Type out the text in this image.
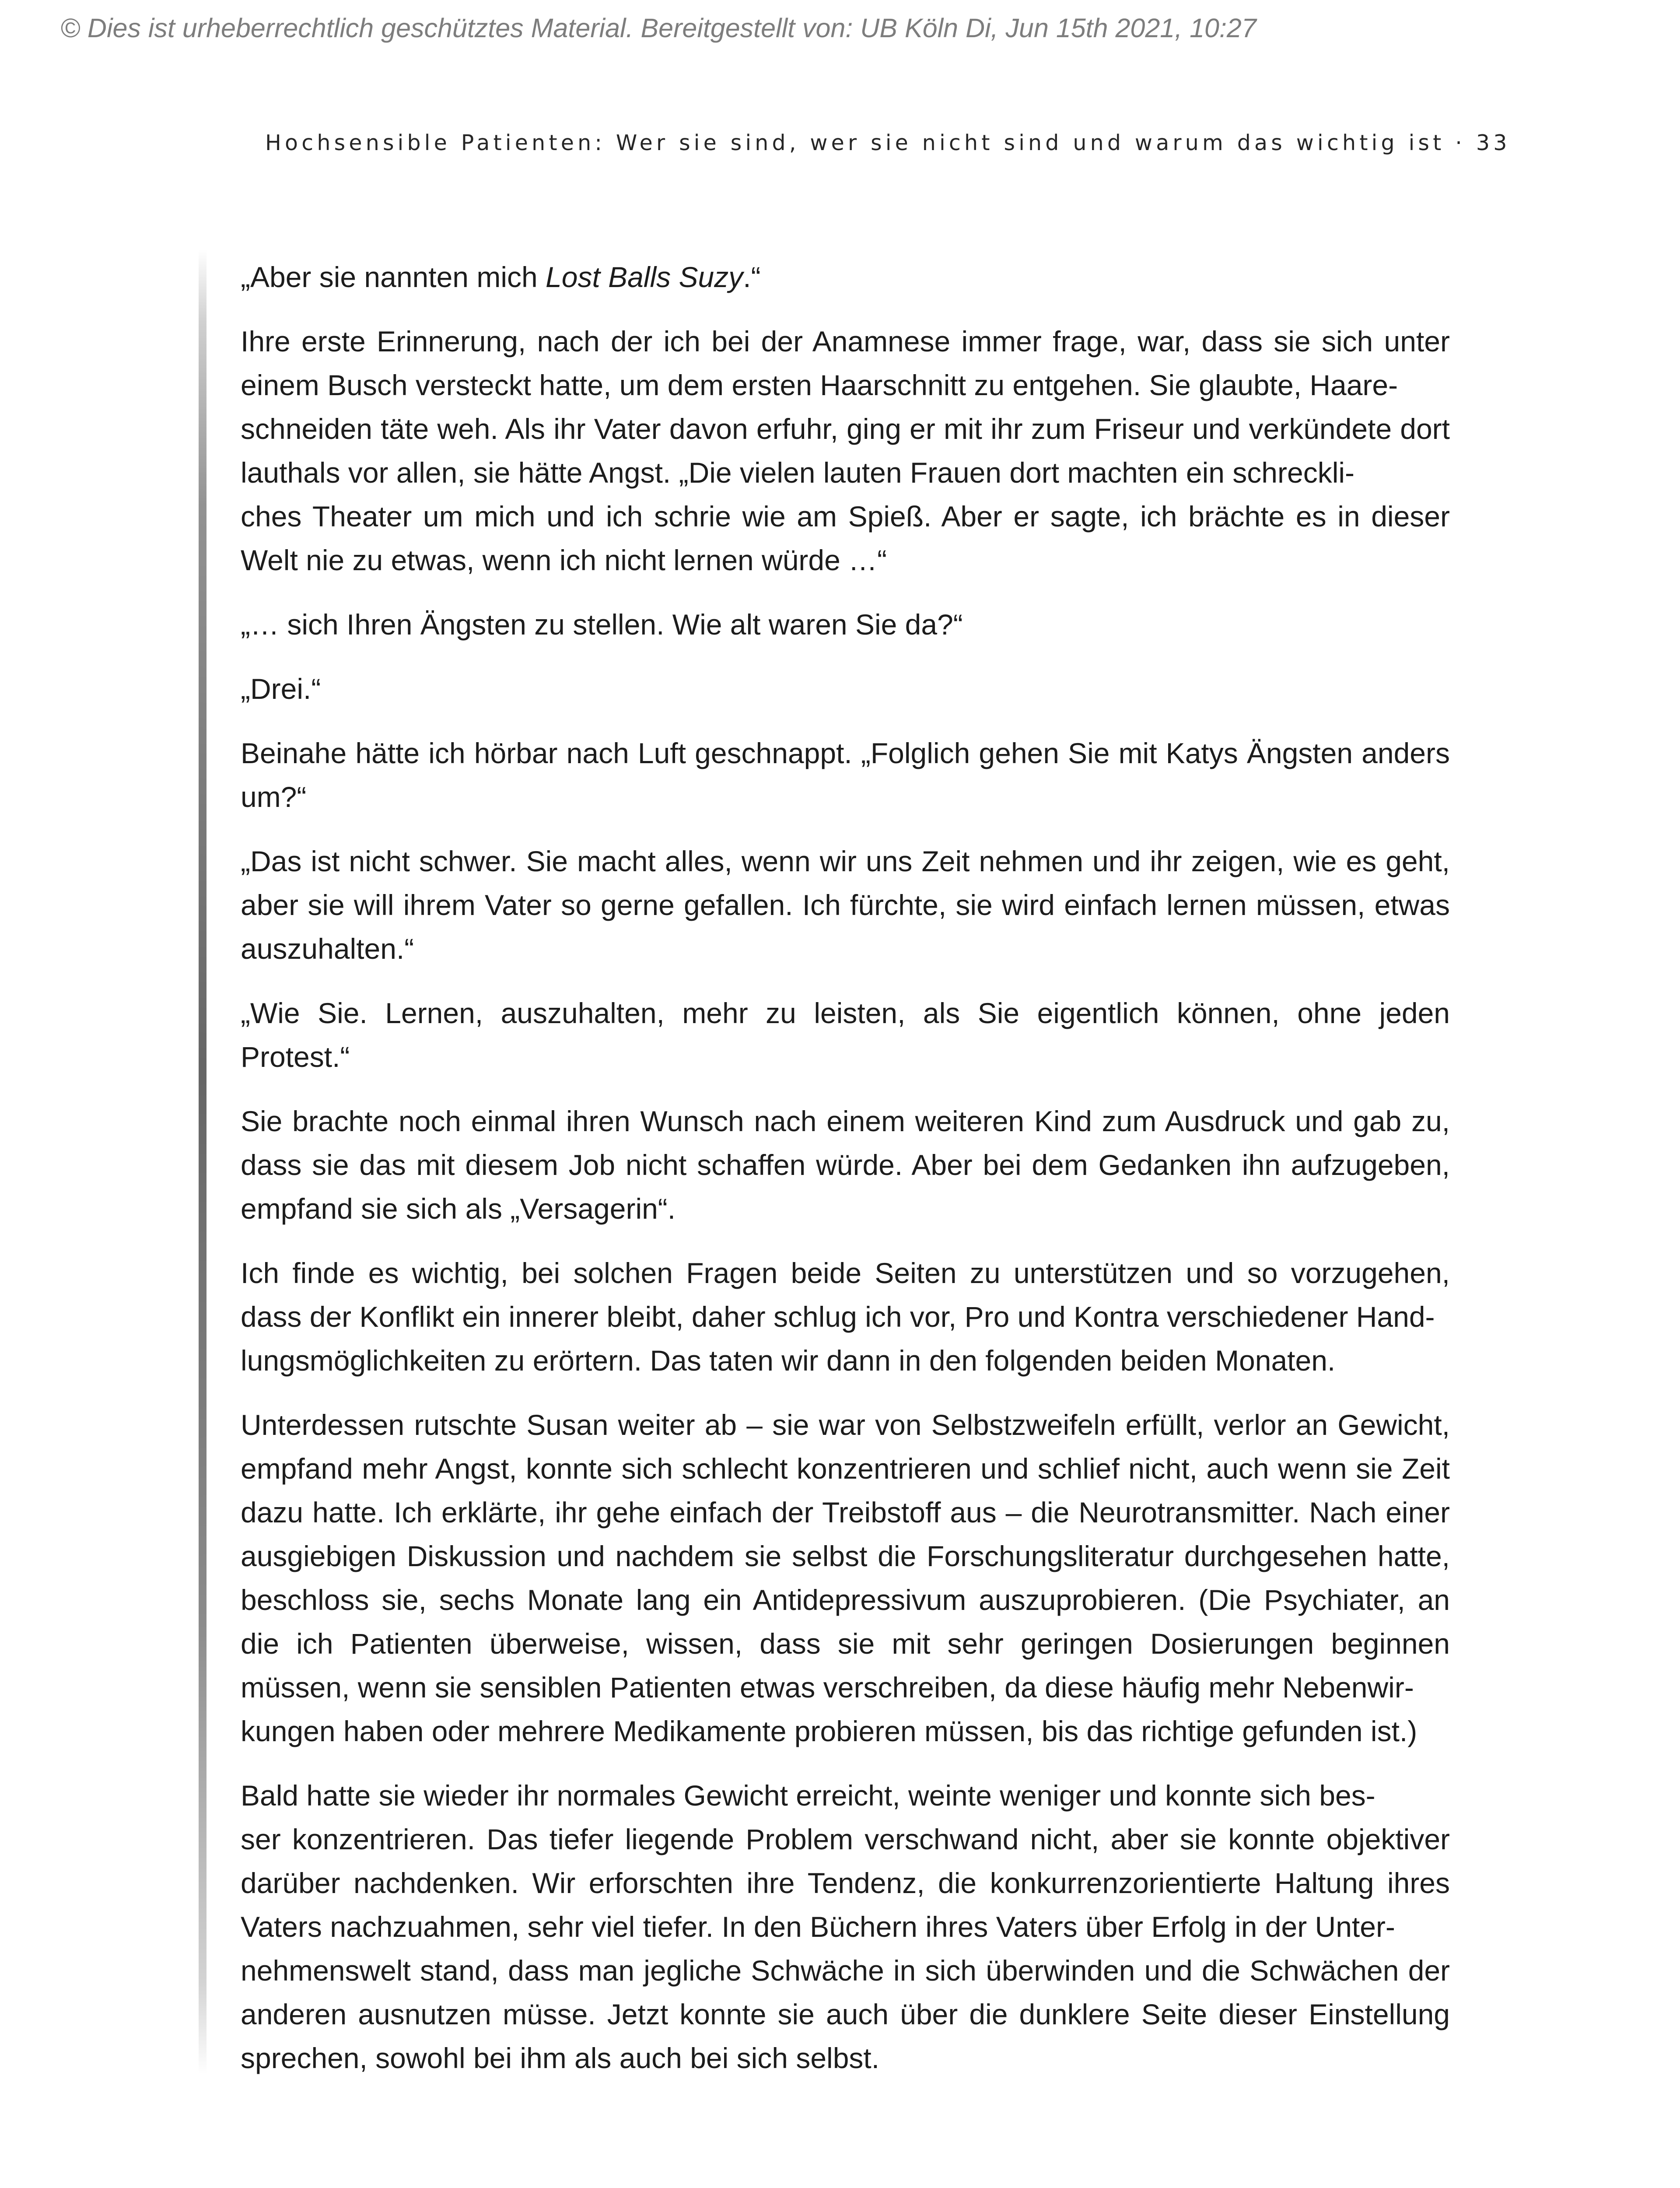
© Dies ist urheberrechtlich geschütztes Material. Bereitgestellt von: UB Köln Di, Jun 15th 2021, 10:27
Hochsensible Patienten: Wer sie sind, wer sie nicht sind und warum das wichtig ist · 33

„Aber sie nannten mich Lost Balls Suzy.“

Ihre erste Erinnerung, nach der ich bei der Anamnese immer frage, war, dass sie sich unter einem Busch versteckt hatte, um dem ersten Haarschnitt zu entgehen. Sie glaubte, Haare-
schneiden täte weh. Als ihr Vater davon erfuhr, ging er mit ihr zum Friseur und verkündete dort lauthals vor allen, sie hätte Angst. „Die vielen lauten Frauen dort machten ein schreckli-
ches Theater um mich und ich schrie wie am Spieß. Aber er sagte, ich brächte es in dieser Welt nie zu etwas, wenn ich nicht lernen würde …“

„… sich Ihren Ängsten zu stellen. Wie alt waren Sie da?“

„Drei.“

Beinahe hätte ich hörbar nach Luft geschnappt. „Folglich gehen Sie mit Katys Ängsten anders um?“

„Das ist nicht schwer. Sie macht alles, wenn wir uns Zeit nehmen und ihr zeigen, wie es geht, aber sie will ihrem Vater so gerne gefallen. Ich fürchte, sie wird einfach lernen müssen, etwas auszuhalten.“

„Wie Sie. Lernen, auszuhalten, mehr zu leisten, als Sie eigentlich können, ohne jeden Protest.“

Sie brachte noch einmal ihren Wunsch nach einem weiteren Kind zum Ausdruck und gab zu, dass sie das mit diesem Job nicht schaffen würde. Aber bei dem Gedanken ihn aufzugeben, empfand sie sich als „Versagerin“.

Ich finde es wichtig, bei solchen Fragen beide Seiten zu unterstützen und so vorzugehen, dass der Konflikt ein innerer bleibt, daher schlug ich vor, Pro und Kontra verschiedener Hand-
lungsmöglichkeiten zu erörtern. Das taten wir dann in den folgenden beiden Monaten.

Unterdessen rutschte Susan weiter ab – sie war von Selbstzweifeln erfüllt, verlor an Gewicht, empfand mehr Angst, konnte sich schlecht konzentrieren und schlief nicht, auch wenn sie Zeit dazu hatte. Ich erklärte, ihr gehe einfach der Treibstoff aus – die Neurotransmitter. Nach einer ausgiebigen Diskussion und nachdem sie selbst die Forschungsliteratur durchgesehen hatte, beschloss sie, sechs Monate lang ein Antidepressivum auszuprobieren. (Die Psychiater, an die ich Patienten überweise, wissen, dass sie mit sehr geringen Dosierungen beginnen müssen, wenn sie sensiblen Patienten etwas verschreiben, da diese häufig mehr Nebenwir-
kungen haben oder mehrere Medikamente probieren müssen, bis das richtige gefunden ist.)

Bald hatte sie wieder ihr normales Gewicht erreicht, weinte weniger und konnte sich bes-
ser konzentrieren. Das tiefer liegende Problem verschwand nicht, aber sie konnte objektiver darüber nachdenken. Wir erforschten ihre Tendenz, die konkurrenzorientierte Haltung ihres Vaters nachzuahmen, sehr viel tiefer. In den Büchern ihres Vaters über Erfolg in der Unter-
nehmenswelt stand, dass man jegliche Schwäche in sich überwinden und die Schwächen der anderen ausnutzen müsse. Jetzt konnte sie auch über die dunklere Seite dieser Einstellung sprechen, sowohl bei ihm als auch bei sich selbst.
